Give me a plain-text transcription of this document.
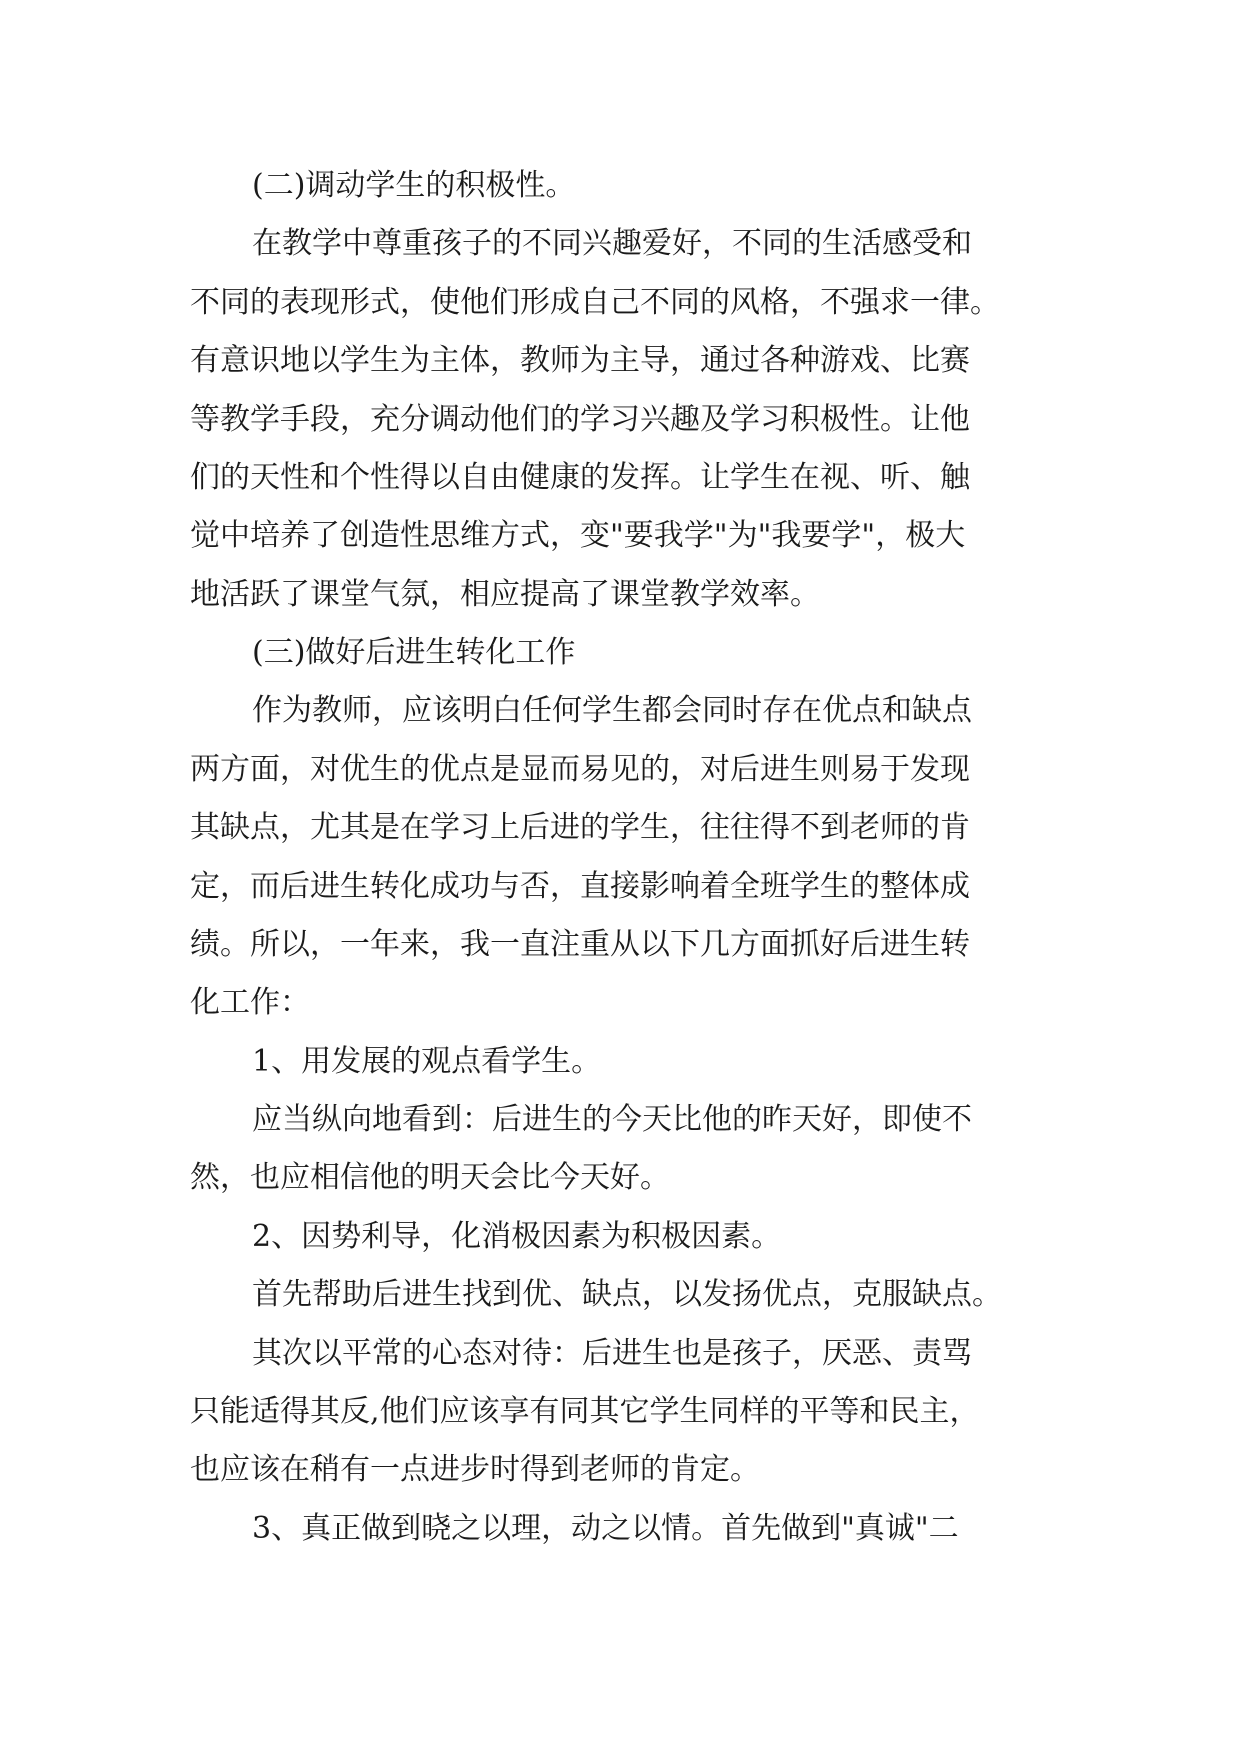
(二)调动学生的积极性。
在教学中尊重孩子的不同兴趣爱好，不同的生活感受和
不同的表现形式，使他们形成自己不同的风格，不强求一律。
有意识地以学生为主体，教师为主导，通过各种游戏、比赛
等教学手段，充分调动他们的学习兴趣及学习积极性。让他
们的天性和个性得以自由健康的发挥。让学生在视、听、触
觉中培养了创造性思维方式，变"要我学"为"我要学"，极大
地活跃了课堂气氛，相应提高了课堂教学效率。
(三)做好后进生转化工作
作为教师，应该明白任何学生都会同时存在优点和缺点
两方面，对优生的优点是显而易见的，对后进生则易于发现
其缺点，尤其是在学习上后进的学生，往往得不到老师的肯
定，而后进生转化成功与否，直接影响着全班学生的整体成
绩。所以，一年来，我一直注重从以下几方面抓好后进生转
化工作：
1、用发展的观点看学生。
应当纵向地看到：后进生的今天比他的昨天好，即使不
然，也应相信他的明天会比今天好。
2、因势利导，化消极因素为积极因素。
首先帮助后进生找到优、缺点，以发扬优点，克服缺点。
其次以平常的心态对待：后进生也是孩子，厌恶、责骂
只能适得其反,他们应该享有同其它学生同样的平等和民主，
也应该在稍有一点进步时得到老师的肯定。
3、真正做到晓之以理，动之以情。首先做到"真诚"二
